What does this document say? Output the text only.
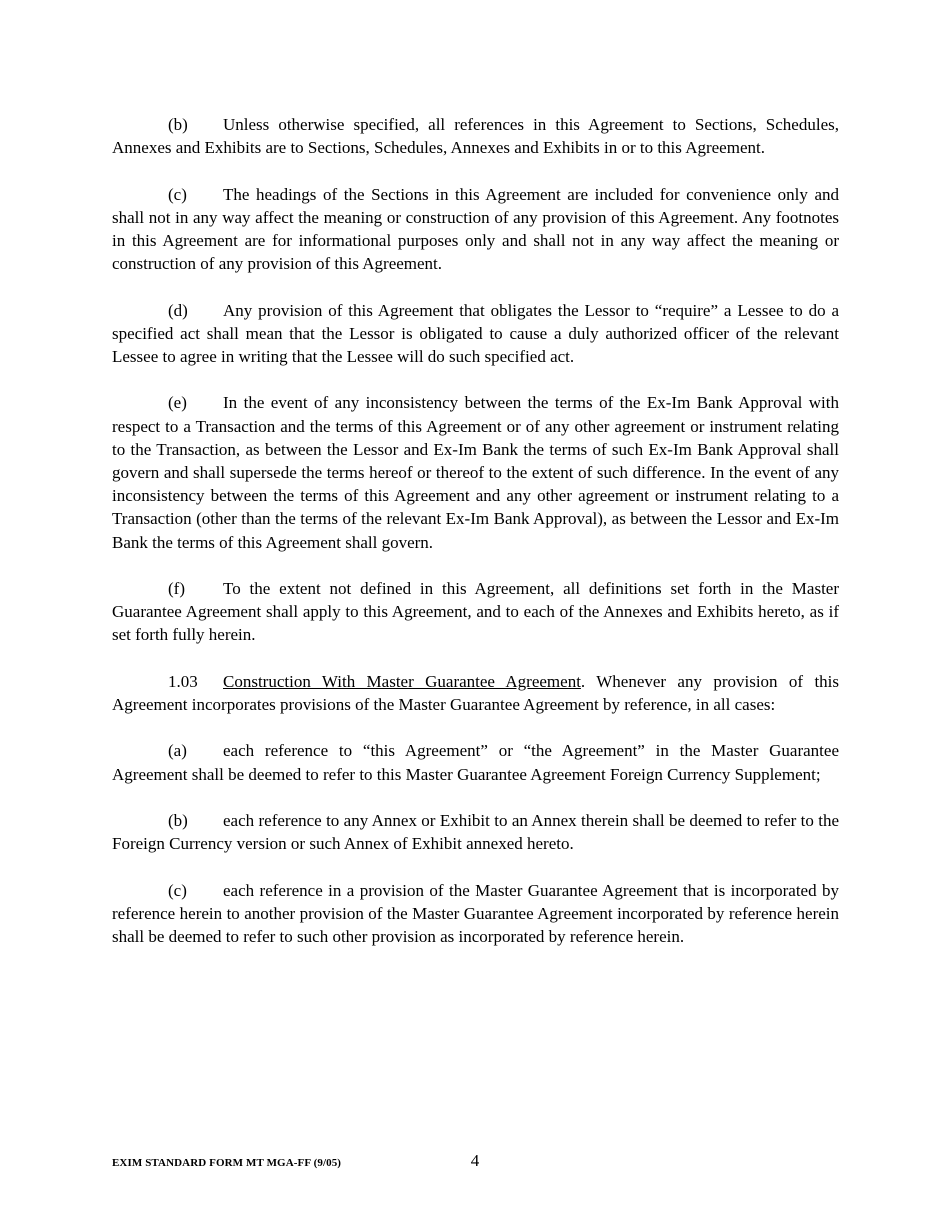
(b) Unless otherwise specified, all references in this Agreement to Sections, Schedules, Annexes and Exhibits are to Sections, Schedules, Annexes and Exhibits in or to this Agreement.

(c) The headings of the Sections in this Agreement are included for convenience only and shall not in any way affect the meaning or construction of any provision of this Agreement. Any footnotes in this Agreement are for informational purposes only and shall not in any way affect the meaning or construction of any provision of this Agreement.

(d) Any provision of this Agreement that obligates the Lessor to “require” a Lessee to do a specified act shall mean that the Lessor is obligated to cause a duly authorized officer of the relevant Lessee to agree in writing that the Lessee will do such specified act.

(e) In the event of any inconsistency between the terms of the Ex-Im Bank Approval with respect to a Transaction and the terms of this Agreement or of any other agreement or instrument relating to the Transaction, as between the Lessor and Ex-Im Bank the terms of such Ex-Im Bank Approval shall govern and shall supersede the terms hereof or thereof to the extent of such difference. In the event of any inconsistency between the terms of this Agreement and any other agreement or instrument relating to a Transaction (other than the terms of the relevant Ex-Im Bank Approval), as between the Lessor and Ex-Im Bank the terms of this Agreement shall govern.

(f) To the extent not defined in this Agreement, all definitions set forth in the Master Guarantee Agreement shall apply to this Agreement, and to each of the Annexes and Exhibits hereto, as if set forth fully herein.

1.03 Construction With Master Guarantee Agreement. Whenever any provision of this Agreement incorporates provisions of the Master Guarantee Agreement by reference, in all cases:

(a) each reference to “this Agreement” or “the Agreement” in the Master Guarantee Agreement shall be deemed to refer to this Master Guarantee Agreement Foreign Currency Supplement;

(b) each reference to any Annex or Exhibit to an Annex therein shall be deemed to refer to the Foreign Currency version or such Annex of Exhibit annexed hereto.

(c) each reference in a provision of the Master Guarantee Agreement that is incorporated by reference herein to another provision of the Master Guarantee Agreement incorporated by reference herein shall be deemed to refer to such other provision as incorporated by reference herein.

EXIM STANDARD FORM MT MGA-FF (9/05)	4
